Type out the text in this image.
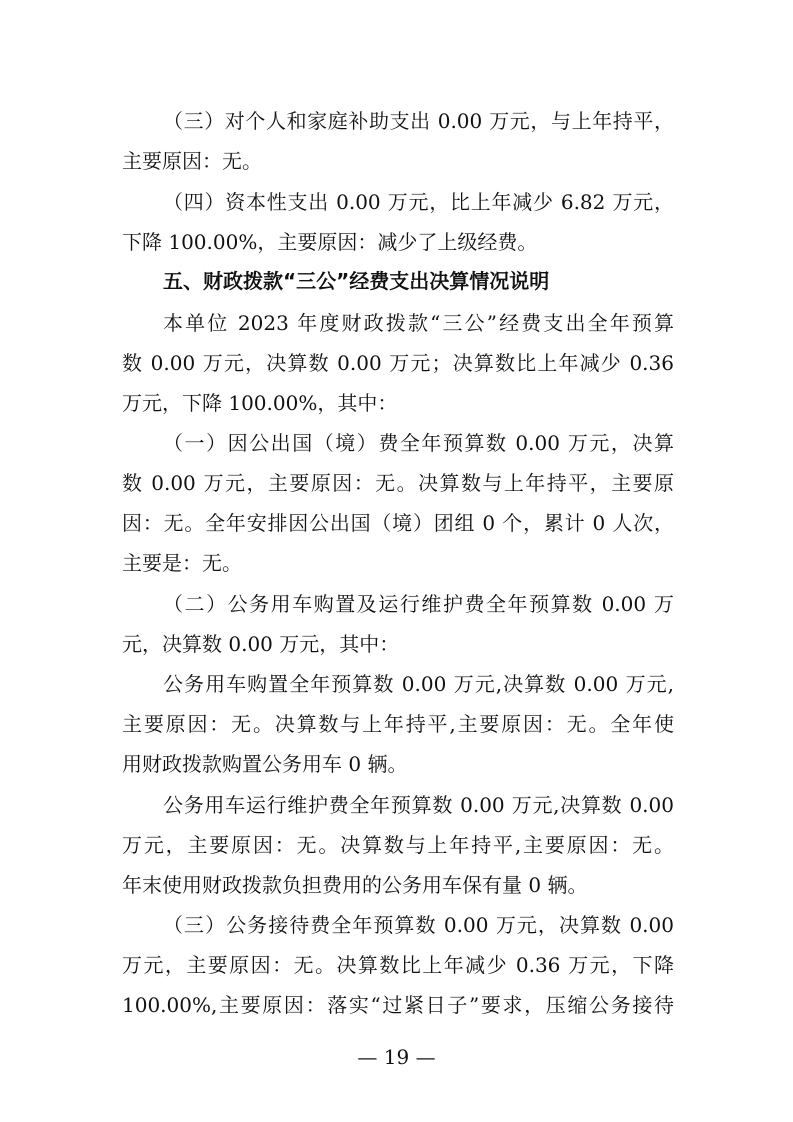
（三）对个人和家庭补助支出 0.00 万元，与上年持平，
主要原因：无。
（四）资本性支出 0.00 万元，比上年减少 6.82 万元，
下降 100.00%，主要原因：减少了上级经费。
五、财政拨款“三公”经费支出决算情况说明
本单位 2023 年度财政拨款“三公”经费支出全年预算
数 0.00 万元，决算数 0.00 万元；决算数比上年减少 0.36
万元，下降 100.00%，其中：
（一）因公出国（境）费全年预算数 0.00 万元，决算
数 0.00 万元，主要原因：无。决算数与上年持平，主要原
因：无。全年安排因公出国（境）团组 0 个，累计 0 人次，
主要是：无。
（二）公务用车购置及运行维护费全年预算数 0.00 万
元，决算数 0.00 万元，其中：
公务用车购置全年预算数 0.00 万元,决算数 0.00 万元,
主要原因：无。决算数与上年持平,主要原因：无。全年使
用财政拨款购置公务用车 0 辆。
公务用车运行维护费全年预算数 0.00 万元,决算数 0.00
万元，主要原因：无。决算数与上年持平,主要原因：无。
年末使用财政拨款负担费用的公务用车保有量 0 辆。
（三）公务接待费全年预算数 0.00 万元，决算数 0.00
万元，主要原因：无。决算数比上年减少 0.36 万元，下降
100.00%,主要原因：落实“过紧日子”要求，压缩公务接待
— 19 —
